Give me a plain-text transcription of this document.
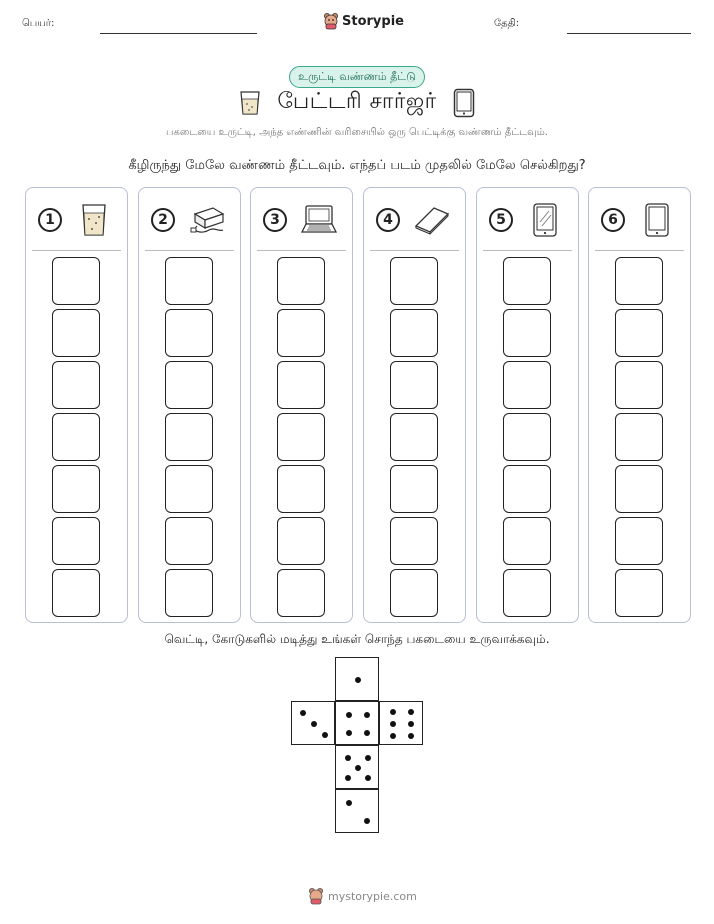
பெயர்:	Storypie	தேதி:
உருட்டி வண்ணம் தீட்டு
பேட்டரி சார்ஜர்
பகடையை உருட்டி, அந்த எண்ணின் வரிசையில் ஒரு பெட்டிக்கு வண்ணம் தீட்டவும்.
கீழிருந்து மேலே வண்ணம் தீட்டவும். எந்தப் படம் முதலில் மேலே செல்கிறது?
1	2	3	4	5	6
வெட்டி, கோடுகளில் மடித்து உங்கள் சொந்த பகடையை உருவாக்கவும்.
mystorypie.com
